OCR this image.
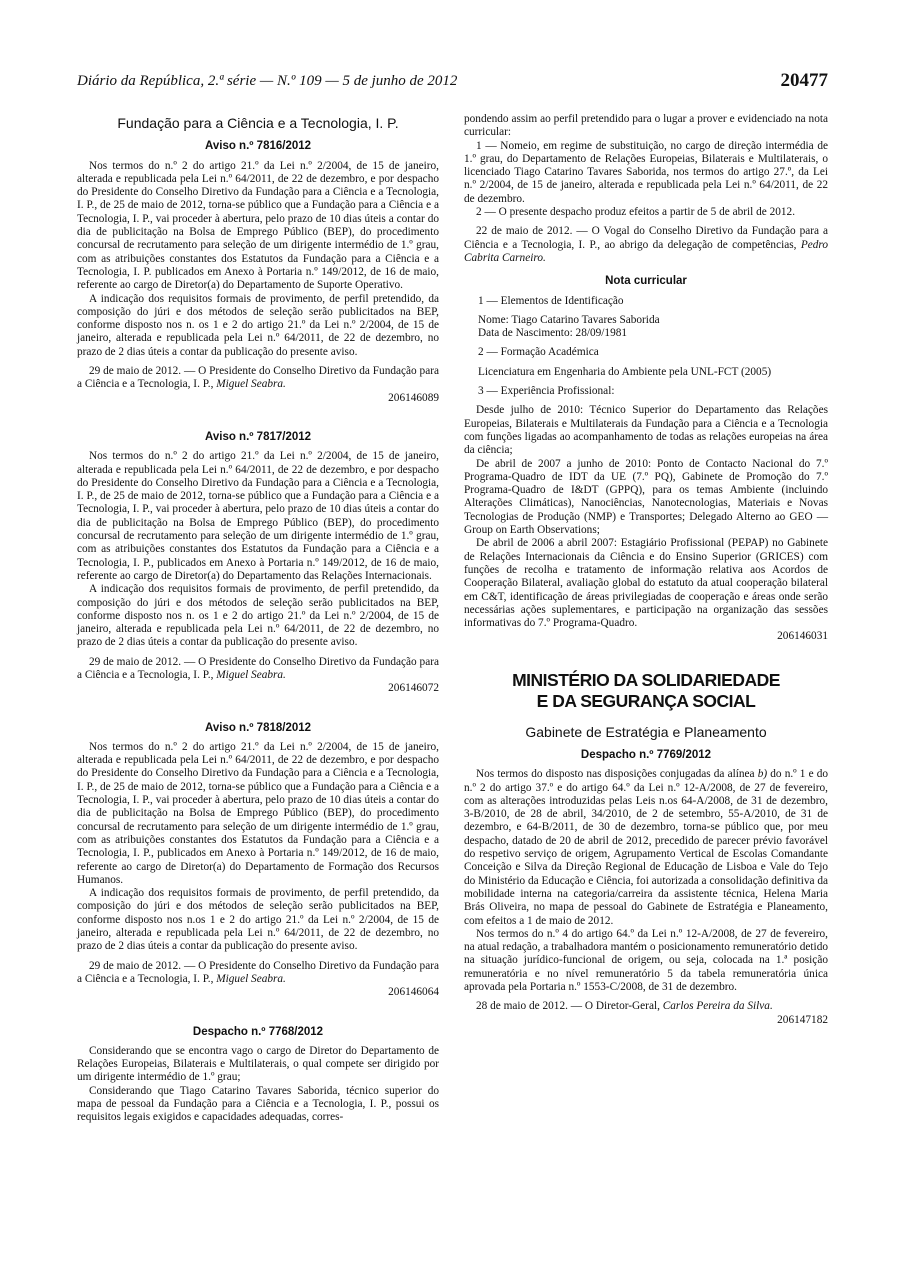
Diário da República, 2.ª série — N.º 109 — 5 de junho de 2012	20477
Fundação para a Ciência e a Tecnologia, I. P.
Aviso n.º 7816/2012

Nos termos do n.º 2 do artigo 21.º da Lei n.º 2/2004, de 15 de janeiro, alterada e republicada pela Lei n.º 64/2011, de 22 de dezembro, e por despacho do Presidente do Conselho Diretivo da Fundação para a Ciência e a Tecnologia, I. P., de 25 de maio de 2012, torna-se público que a Fundação para a Ciência e a Tecnologia, I. P., vai proceder à abertura, pelo prazo de 10 dias úteis a contar do dia de publicitação na Bolsa de Emprego Público (BEP), do procedimento concursal de recrutamento para seleção de um dirigente intermédio de 1.º grau, com as atribuições constantes dos Estatutos da Fundação para a Ciência e a Tecnologia, I. P. publicados em Anexo à Portaria n.º 149/2012, de 16 de maio, referente ao cargo de Diretor(a) do Departamento de Suporte Operativo.

A indicação dos requisitos formais de provimento, de perfil pretendido, da composição do júri e dos métodos de seleção serão publicitados na BEP, conforme disposto nos n. os 1 e 2 do artigo 21.º da Lei n.º 2/2004, de 15 de janeiro, alterada e republicada pela Lei n.º 64/2011, de 22 de dezembro, no prazo de 2 dias úteis a contar da publicação do presente aviso.

29 de maio de 2012. — O Presidente do Conselho Diretivo da Fundação para a Ciência e a Tecnologia, I. P., Miguel Seabra.

206146089

Aviso n.º 7817/2012

Nos termos do n.º 2 do artigo 21.º da Lei n.º 2/2004, de 15 de janeiro, alterada e republicada pela Lei n.º 64/2011, de 22 de dezembro, e por despacho do Presidente do Conselho Diretivo da Fundação para a Ciência e a Tecnologia, I. P., de 25 de maio de 2012, torna-se público que a Fundação para a Ciência e a Tecnologia, I. P., vai proceder à abertura, pelo prazo de 10 dias úteis a contar do dia de publicitação na Bolsa de Emprego Público (BEP), do procedimento concursal de recrutamento para seleção de um dirigente intermédio de 1.º grau, com as atribuições constantes dos Estatutos da Fundação para a Ciência e a Tecnologia, I. P., publicados em Anexo à Portaria n.º 149/2012, de 16 de maio, referente ao cargo de Diretor(a) do Departamento das Relações Internacionais.

A indicação dos requisitos formais de provimento, de perfil pretendido, da composição do júri e dos métodos de seleção serão publicitados na BEP, conforme disposto nos n. os 1 e 2 do artigo 21.º da Lei n.º 2/2004, de 15 de janeiro, alterada e republicada pela Lei n.º 64/2011, de 22 de dezembro, no prazo de 2 dias úteis a contar da publicação do presente aviso.

29 de maio de 2012. — O Presidente do Conselho Diretivo da Fundação para a Ciência e a Tecnologia, I. P., Miguel Seabra.

206146072

Aviso n.º 7818/2012

Nos termos do n.º 2 do artigo 21.º da Lei n.º 2/2004, de 15 de janeiro, alterada e republicada pela Lei n.º 64/2011, de 22 de dezembro, e por despacho do Presidente do Conselho Diretivo da Fundação para a Ciência e a Tecnologia, I. P., de 25 de maio de 2012, torna-se público que a Fundação para a Ciência e a Tecnologia, I. P., vai proceder à abertura, pelo prazo de 10 dias úteis a contar do dia de publicitação na Bolsa de Emprego Público (BEP), do procedimento concursal de recrutamento para seleção de um dirigente intermédio de 1.º grau, com as atribuições constantes dos Estatutos da Fundação para a Ciência e a Tecnologia, I. P., publicados em Anexo à Portaria n.º 149/2012, de 16 de maio, referente ao cargo de Diretor(a) do Departamento de Formação dos Recursos Humanos.

A indicação dos requisitos formais de provimento, de perfil pretendido, da composição do júri e dos métodos de seleção serão publicitados na BEP, conforme disposto nos n.os 1 e 2 do artigo 21.º da Lei n.º 2/2004, de 15 de janeiro, alterada e republicada pela Lei n.º 64/2011, de 22 de dezembro, no prazo de 2 dias úteis a contar da publicação do presente aviso.

29 de maio de 2012. — O Presidente do Conselho Diretivo da Fundação para a Ciência e a Tecnologia, I. P., Miguel Seabra.

206146064

Despacho n.º 7768/2012

Considerando que se encontra vago o cargo de Diretor do Departamento de Relações Europeias, Bilaterais e Multilaterais, o qual compete ser dirigido por um dirigente intermédio de 1.º grau;

Considerando que Tiago Catarino Tavares Saborida, técnico superior do mapa de pessoal da Fundação para a Ciência e a Tecnologia, I. P., possui os requisitos legais exigidos e capacidades adequadas, corres-

pondendo assim ao perfil pretendido para o lugar a prover e evidenciado na nota curricular:

1 — Nomeio, em regime de substituição, no cargo de direção intermédia de 1.º grau, do Departamento de Relações Europeias, Bilaterais e Multilaterais, o licenciado Tiago Catarino Tavares Saborida, nos termos do artigo 27.º, da Lei n.º 2/2004, de 15 de janeiro, alterada e republicada pela Lei n.º 64/2011, de 22 de dezembro.

2 — O presente despacho produz efeitos a partir de 5 de abril de 2012.

22 de maio de 2012. — O Vogal do Conselho Diretivo da Fundação para a Ciência e a Tecnologia, I. P., ao abrigo da delegação de competências, Pedro Cabrita Carneiro.

Nota curricular

1 — Elementos de Identificação

Nome: Tiago Catarino Tavares Saborida

Data de Nascimento: 28/09/1981

2 — Formação Académica

Licenciatura em Engenharia do Ambiente pela UNL-FCT (2005)

3 — Experiência Profissional:

Desde julho de 2010: Técnico Superior do Departamento das Relações Europeias, Bilaterais e Multilaterais da Fundação para a Ciência e a Tecnologia com funções ligadas ao acompanhamento de todas as relações europeias na área da ciência;

De abril de 2007 a junho de 2010: Ponto de Contacto Nacional do 7.º Programa-Quadro de IDT da UE (7.º PQ), Gabinete de Promoção do 7.º Programa-Quadro de I&DT (GPPQ), para os temas Ambiente (incluindo Alterações Climáticas), Nanociências, Nanotecnologias, Materiais e Novas Tecnologias de Produção (NMP) e Transportes; Delegado Alterno ao GEO — Group on Earth Observations;

De abril de 2006 a abril 2007: Estagiário Profissional (PEPAP) no Gabinete de Relações Internacionais da Ciência e do Ensino Superior (GRICES) com funções de recolha e tratamento de informação relativa aos Acordos de Cooperação Bilateral, avaliação global do estatuto da atual cooperação bilateral em C&T, identificação de áreas privilegiadas de cooperação e áreas onde serão necessárias ações suplementares, e participação na organização das sessões informativas do 7.º Programa-Quadro.

206146031

MINISTÉRIO DA SOLIDARIEDADE
E DA SEGURANÇA SOCIAL
Gabinete de Estratégia e Planeamento
Despacho n.º 7769/2012

Nos termos do disposto nas disposições conjugadas da alínea b) do n.º 1 e do n.º 2 do artigo 37.º e do artigo 64.º da Lei n.º 12-A/2008, de 27 de fevereiro, com as alterações introduzidas pelas Leis n.os 64-A/2008, de 31 de dezembro, 3-B/2010, de 28 de abril, 34/2010, de 2 de setembro, 55-A/2010, de 31 de dezembro, e 64-B/2011, de 30 de dezembro, torna-se público que, por meu despacho, datado de 20 de abril de 2012, precedido de parecer prévio favorável do respetivo serviço de origem, Agrupamento Vertical de Escolas Comandante Conceição e Silva da Direção Regional de Educação de Lisboa e Vale do Tejo do Ministério da Educação e Ciência, foi autorizada a consolidação definitiva da mobilidade interna na categoria/carreira da assistente técnica, Helena Maria Brás Oliveira, no mapa de pessoal do Gabinete de Estratégia e Planeamento, com efeitos a 1 de maio de 2012.

Nos termos do n.º 4 do artigo 64.º da Lei n.º 12-A/2008, de 27 de fevereiro, na atual redação, a trabalhadora mantém o posicionamento remuneratório detido na situação jurídico-funcional de origem, ou seja, colocada na 1.ª posição remuneratória e no nível remuneratório 5 da tabela remuneratória única aprovada pela Portaria n.º 1553-C/2008, de 31 de dezembro.

28 de maio de 2012. — O Diretor-Geral, Carlos Pereira da Silva.

206147182
